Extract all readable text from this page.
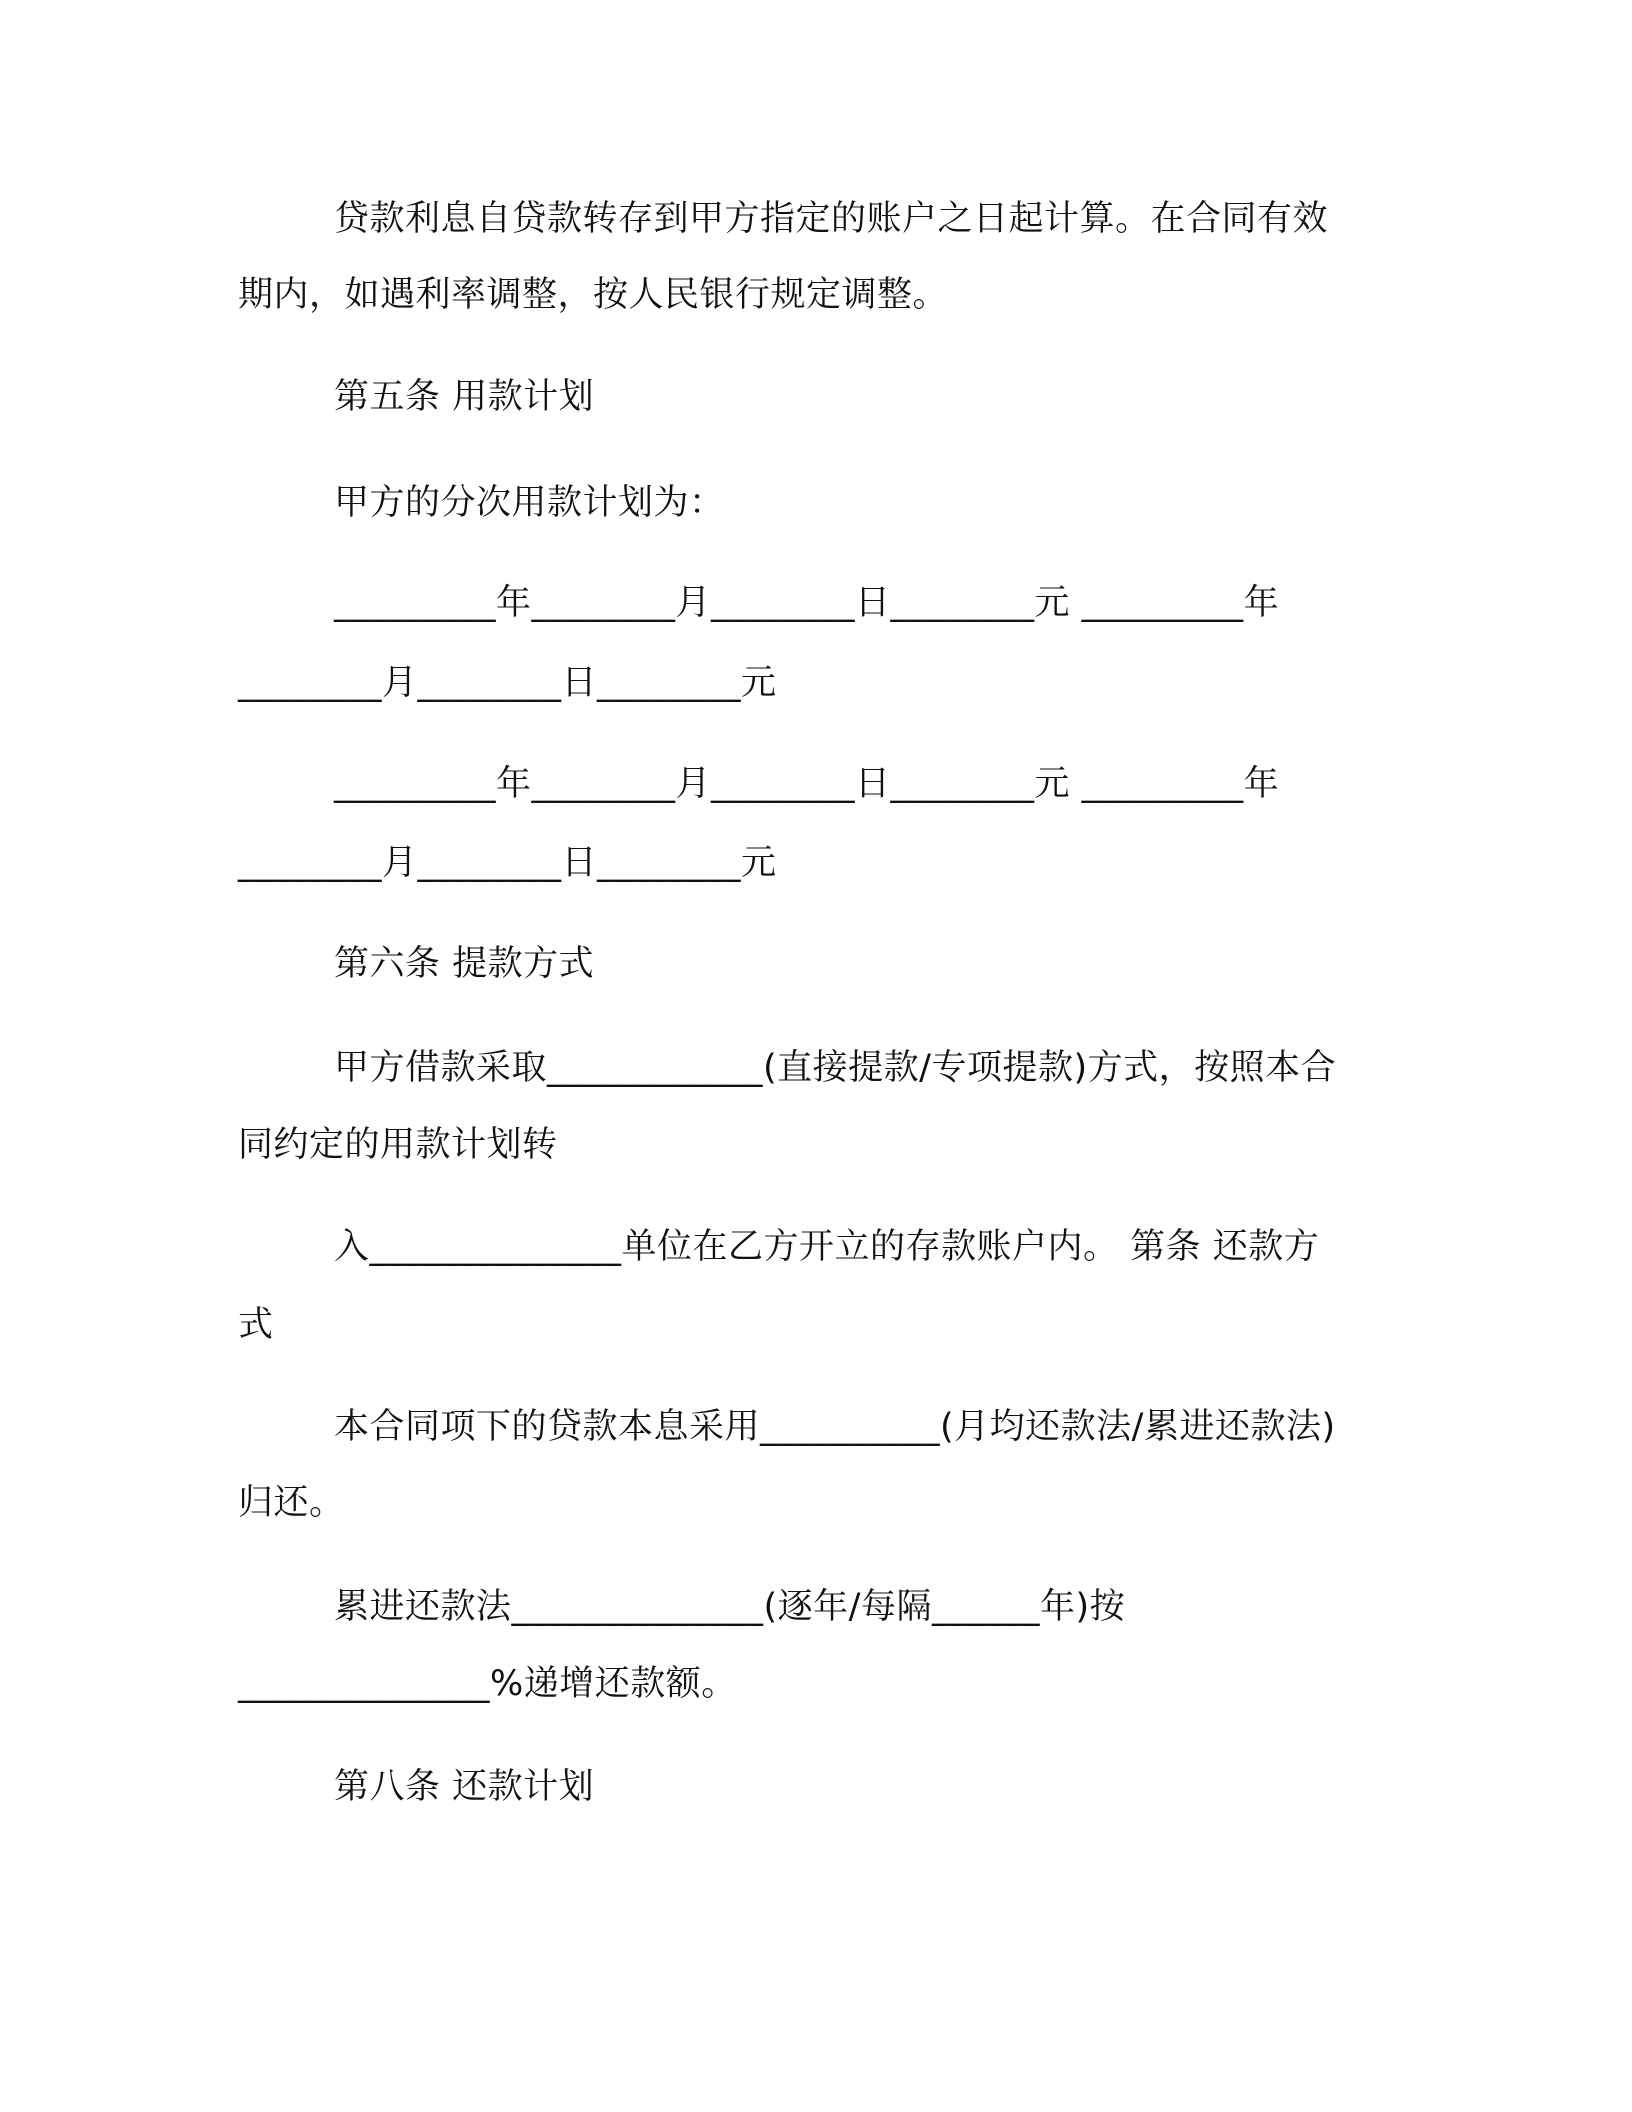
贷款利息自贷款转存到甲方指定的账户之日起计算。在合同有效

期内，如遇利率调整，按人民银行规定调整。

第五条 用款计划

甲方的分次用款计划为：

_________年________月________日________元 _________年

________月________日________元

_________年________月________日________元 _________年

________月________日________元

第六条 提款方式

甲方借款采取____________(直接提款/专项提款)方式，按照本合

同约定的用款计划转

入______________单位在乙方开立的存款账户内。 第条 还款方

式

本合同项下的贷款本息采用__________(月均还款法/累进还款法)

归还。

累进还款法______________(逐年/每隔______年)按

______________%递增还款额。

第八条 还款计划
